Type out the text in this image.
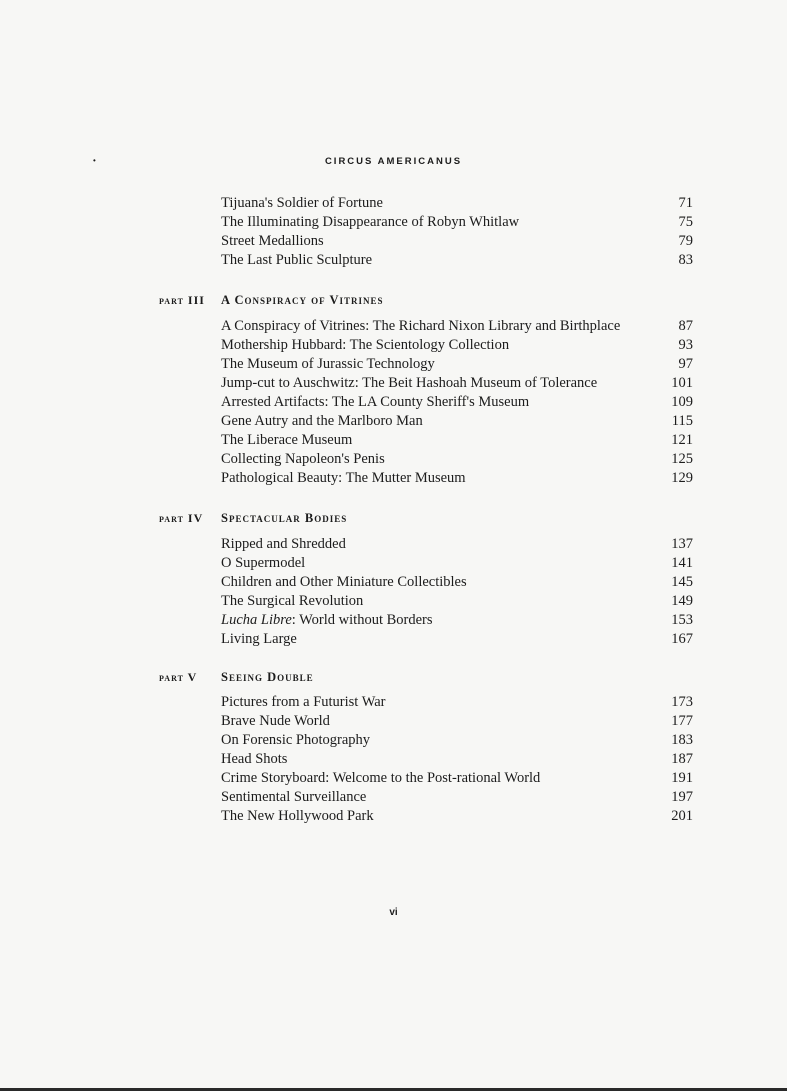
•	CIRCUS AMERICANUS
Tijuana's Soldier of Fortune	71
The Illuminating Disappearance of Robyn Whitlaw	75
Street Medallions	79
The Last Public Sculpture	83
part III A Conspiracy of Vitrines
A Conspiracy of Vitrines: The Richard Nixon Library and Birthplace	87
Mothership Hubbard: The Scientology Collection	93
The Museum of Jurassic Technology	97
Jump-cut to Auschwitz: The Beit Hashoah Museum of Tolerance	101
Arrested Artifacts: The LA County Sheriff's Museum	109
Gene Autry and the Marlboro Man	115
The Liberace Museum	121
Collecting Napoleon's Penis	125
Pathological Beauty: The Mutter Museum	129
part IV Spectacular Bodies
Ripped and Shredded	137
O Supermodel	141
Children and Other Miniature Collectibles	145
The Surgical Revolution	149
Lucha Libre: World without Borders	153
Living Large	167
part V Seeing Double
Pictures from a Futurist War	173
Brave Nude World	177
On Forensic Photography	183
Head Shots	187
Crime Storyboard: Welcome to the Post-rational World	191
Sentimental Surveillance	197
The New Hollywood Park	201
vi
